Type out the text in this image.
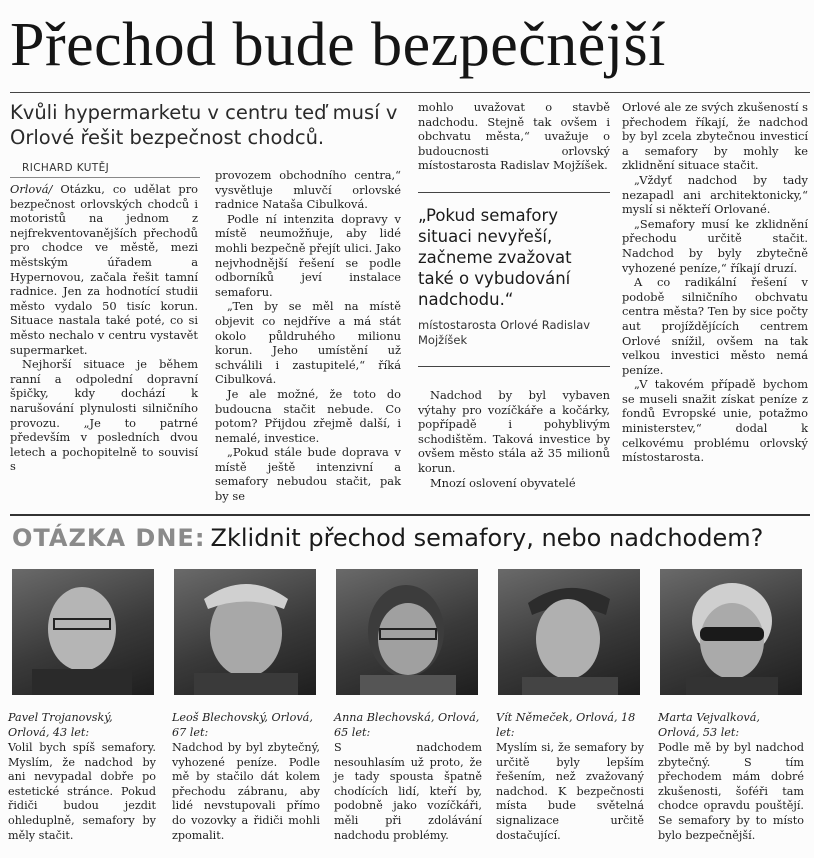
Přechod bude bezpečnější
Kvůli hypermarketu v centru teď musí v Orlové řešit bezpečnost chodců.
RICHARD KUTĚJ

Orlová/ Otázku, co udělat pro bezpečnost orlovských chodců i motoristů na jednom z nejfrekventovanějších přechodů pro chodce ve městě, mezi městským úřadem a Hypernovou, začala řešit tamní radnice. Jen za hodnotící studii město vydalo 50 tisíc korun. Situace nastala také poté, co si město nechalo v centru vystavět supermarket.

Nejhorší situace je během ranní a odpolední dopravní špičky, kdy dochází k narušování plynulosti silničního provozu. „Je to patrné především v posledních dvou letech a pochopitelně to souvisí s

provozem obchodního centra,“ vysvětluje mluvčí orlovské radnice Nataša Cibulková.

Podle ní intenzita dopravy v místě neumožňuje, aby lidé mohli bezpečně přejít ulici. Jako nejvhodnější řešení se podle odborníků jeví instalace semaforu.

„Ten by se měl na místě objevit co nejdříve a má stát okolo půldruhého milionu korun. Jeho umístění už schválili i zastupitelé,“ říká Cibulková.

Je ale možné, že toto do budoucna stačit nebude. Co potom? Přijdou zřejmě další, i nemalé, investice.

„Pokud stále bude doprava v místě ještě intenzivní a semafory nebudou stačit, pak by se

mohlo uvažovat o stavbě nadchodu. Stejně tak ovšem i obchvatu města,“ uvažuje o budoucnosti orlovský místostarosta Radislav Mojžíšek.

„Pokud semafory situaci nevyřeší, začneme zvažovat také o vybudování nadchodu.“
místostarosta Orlové Radislav Mojžíšek

Nadchod by byl vybaven výtahy pro vozíčkáře a kočárky, popřípadě i pohyblivým schodištěm. Taková investice by ovšem město stála až 35 milionů korun.

Mnozí oslovení obyvatelé

Orlové ale ze svých zkušeností s přechodem říkají, že nadchod by byl zcela zbytečnou investicí a semafory by mohly ke zklidnění situace stačit.

„Vždyť nadchod by tady nezapadl ani architektonicky,“ myslí si někteří Orlované.

„Semafory musí ke zklidnění přechodu určitě stačit. Nadchod by byly zbytečně vyhozené peníze,“ říkají druzí.

A co radikální řešení v podobě silničního obchvatu centra města? Ten by sice počty aut projíždějících centrem Orlové snížil, ovšem na tak velkou investici město nemá peníze.

„V takovém případě bychom se museli snažit získat peníze z fondů Evropské unie, potažmo ministerstev,“ dodal k celkovému problému orlovský místostarosta.

OTÁZKA DNE: Zklidnit přechod semafory, nebo nadchodem?
Pavel Trojanovský, Orlová, 43 let:
Volil bych spíš semafory. Myslím, že nadchod by ani nevypadal dobře po estetické stránce. Pokud řidiči budou jezdit ohleduplně, semafory by měly stačit.
Leoš Blechovský, Orlová, 67 let:
Nadchod by byl zbytečný, vyhozené peníze. Podle mě by stačilo dát kolem přechodu zábranu, aby lidé nevstupovali přímo do vozovky a řidiči mohli zpomalit.
Anna Blechovská, Orlová, 65 let:
S nadchodem nesouhlasím už proto, že je tady spousta špatně chodících lidí, kteří by, podobně jako vozíčkáři, měli při zdolávání nadchodu problémy.
Vít Němeček, Orlová, 18 let:
Myslím si, že semafory by určitě byly lepším řešením, než zvažovaný nadchod. K bezpečnosti místa bude světelná signalizace určitě dostačující.
Marta Vejvalková, Orlová, 53 let:
Podle mě by byl nadchod zbytečný. S tím přechodem mám dobré zkušenosti, šoféři tam chodce opravdu pouštějí. Se semafory by to místo bylo bezpečnější.
